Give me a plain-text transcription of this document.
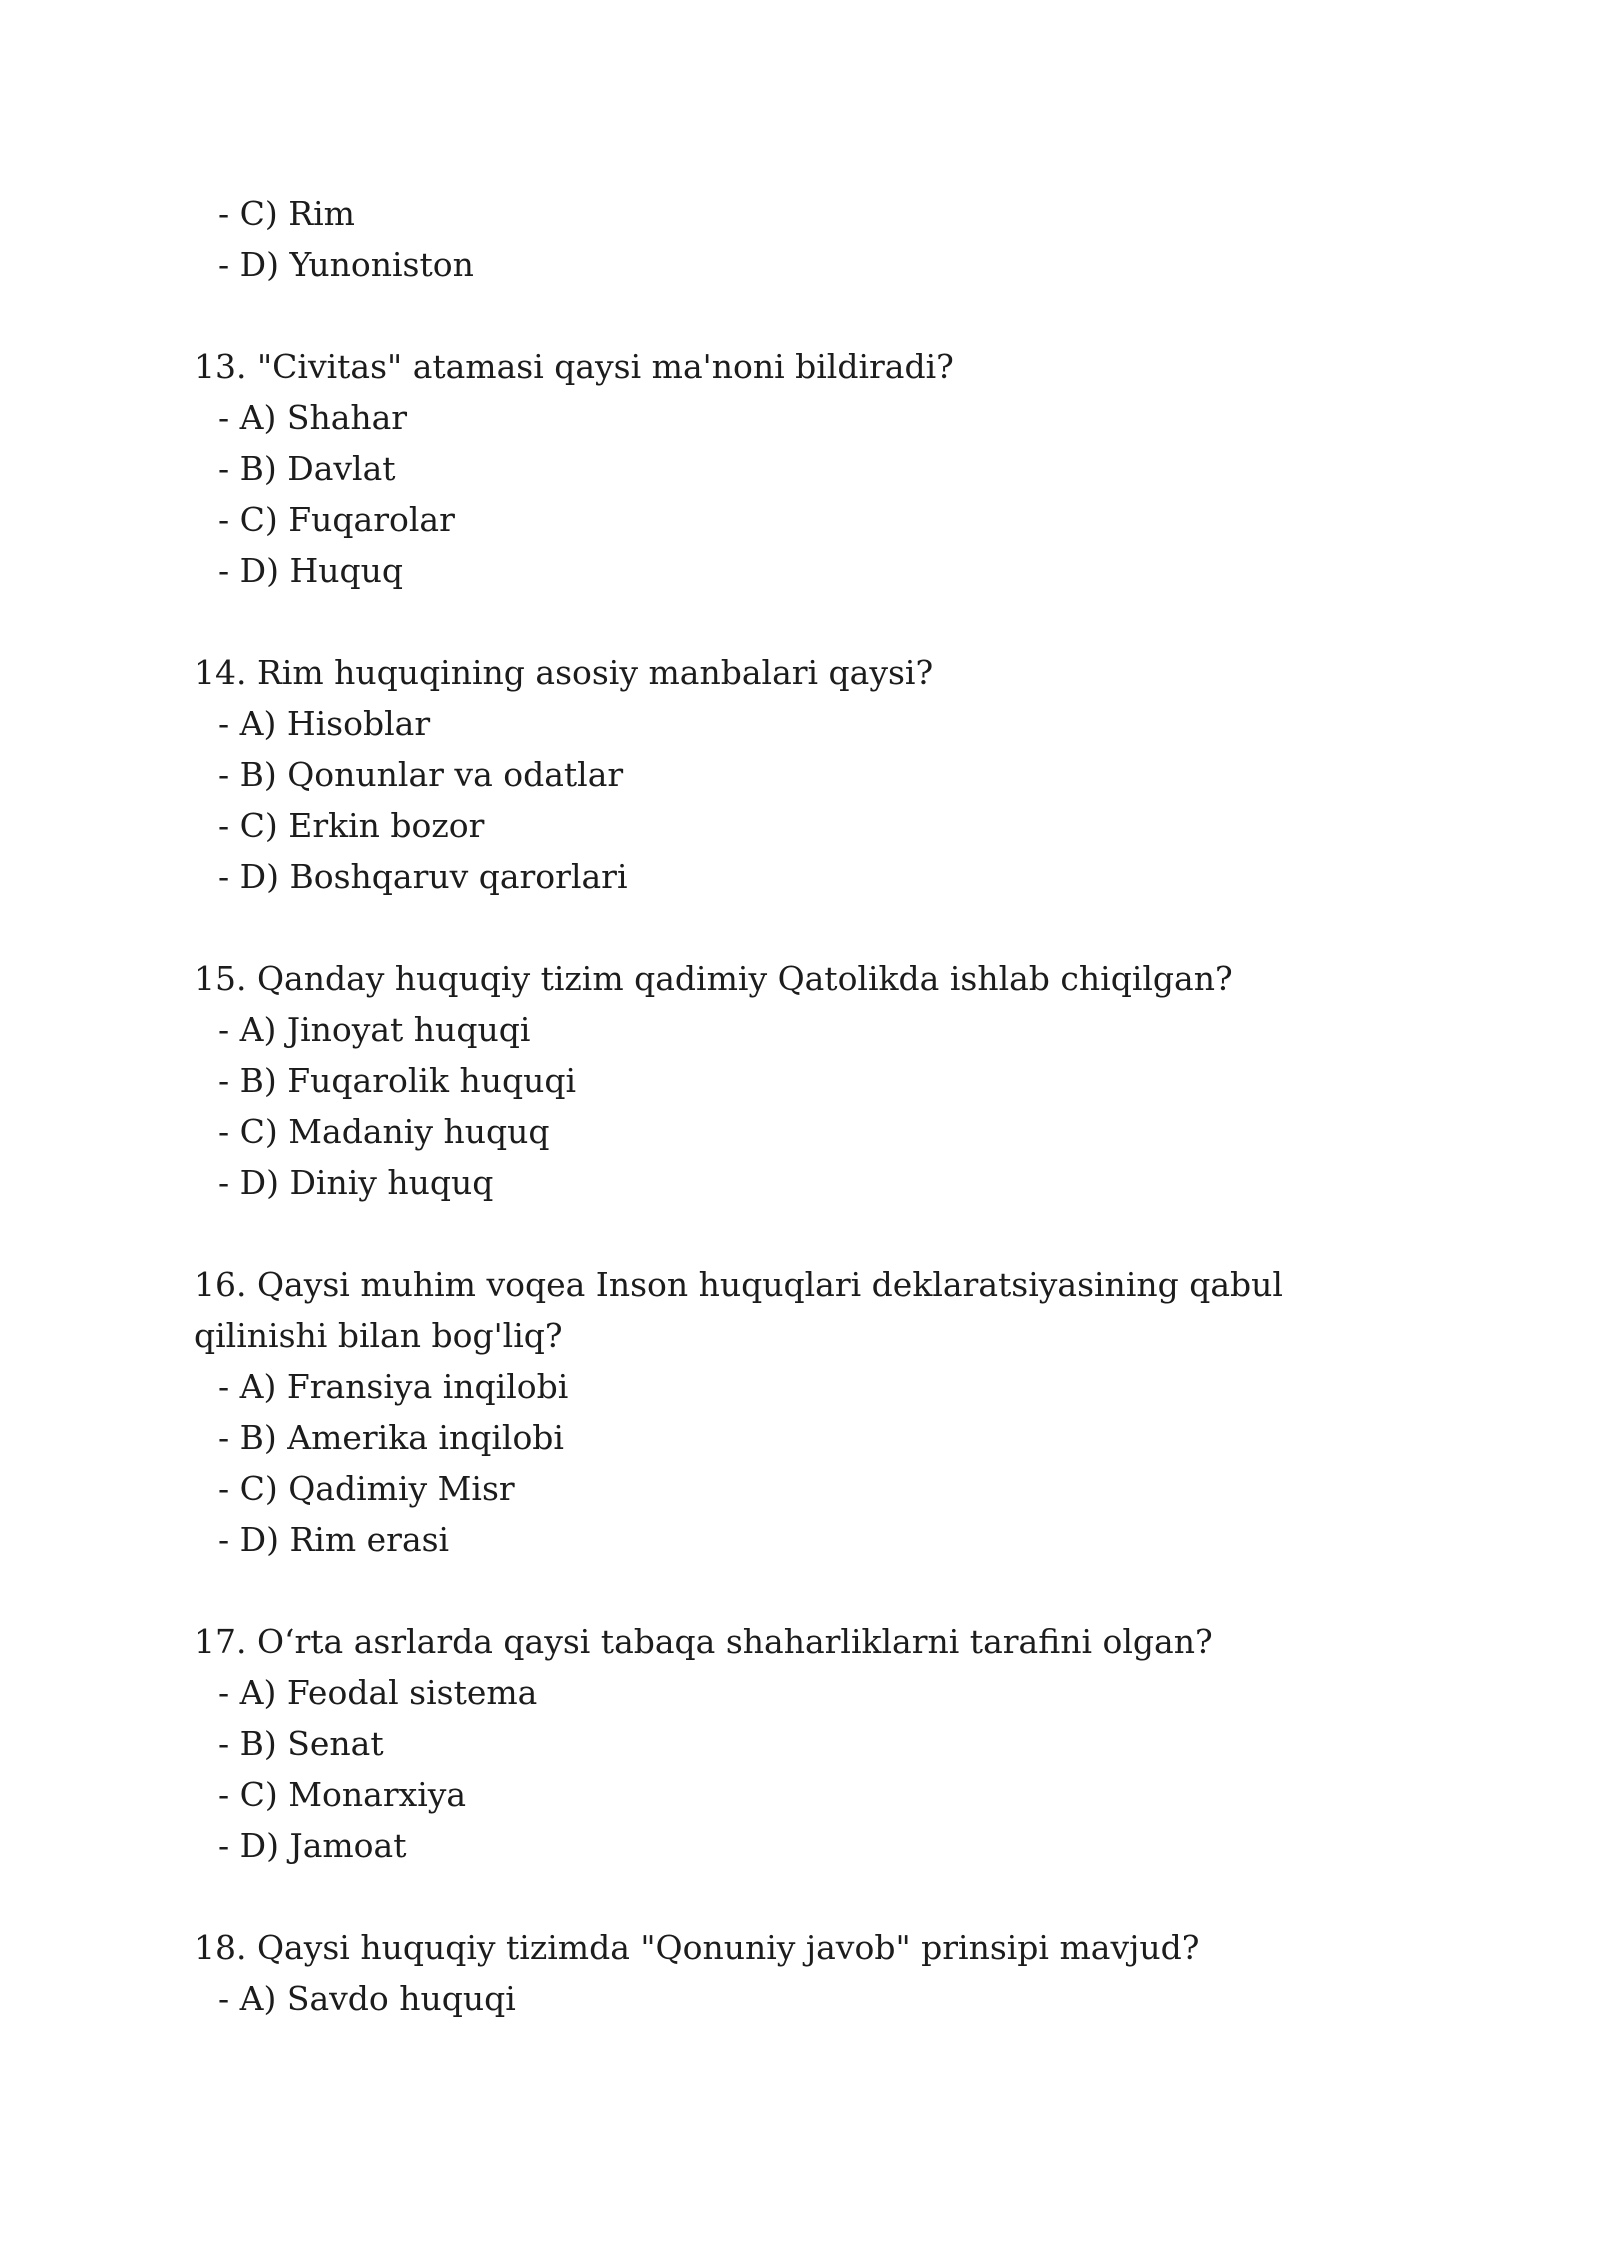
- C) Rim
- D) Yunoniston
13. "Civitas" atamasi qaysi ma'noni bildiradi?
- A) Shahar
- B) Davlat
- C) Fuqarolar
- D) Huquq
14. Rim huquqining asosiy manbalari qaysi?
- A) Hisoblar
- B) Qonunlar va odatlar
- C) Erkin bozor
- D) Boshqaruv qarorlari
15. Qanday huquqiy tizim qadimiy Qatolikda ishlab chiqilgan?
- A) Jinoyat huquqi
- B) Fuqarolik huquqi
- C) Madaniy huquq
- D) Diniy huquq
16. Qaysi muhim voqea Inson huquqlari deklaratsiyasining qabul qilinishi bilan bog'liq?
- A) Fransiya inqilobi
- B) Amerika inqilobi
- C) Qadimiy Misr
- D) Rim erasi
17. O‘rta asrlarda qaysi tabaqa shaharliklarni tarafini olgan?
- A) Feodal sistema
- B) Senat
- C) Monarxiya
- D) Jamoat
18. Qaysi huquqiy tizimda "Qonuniy javob" prinsipi mavjud?
- A) Savdo huquqi
